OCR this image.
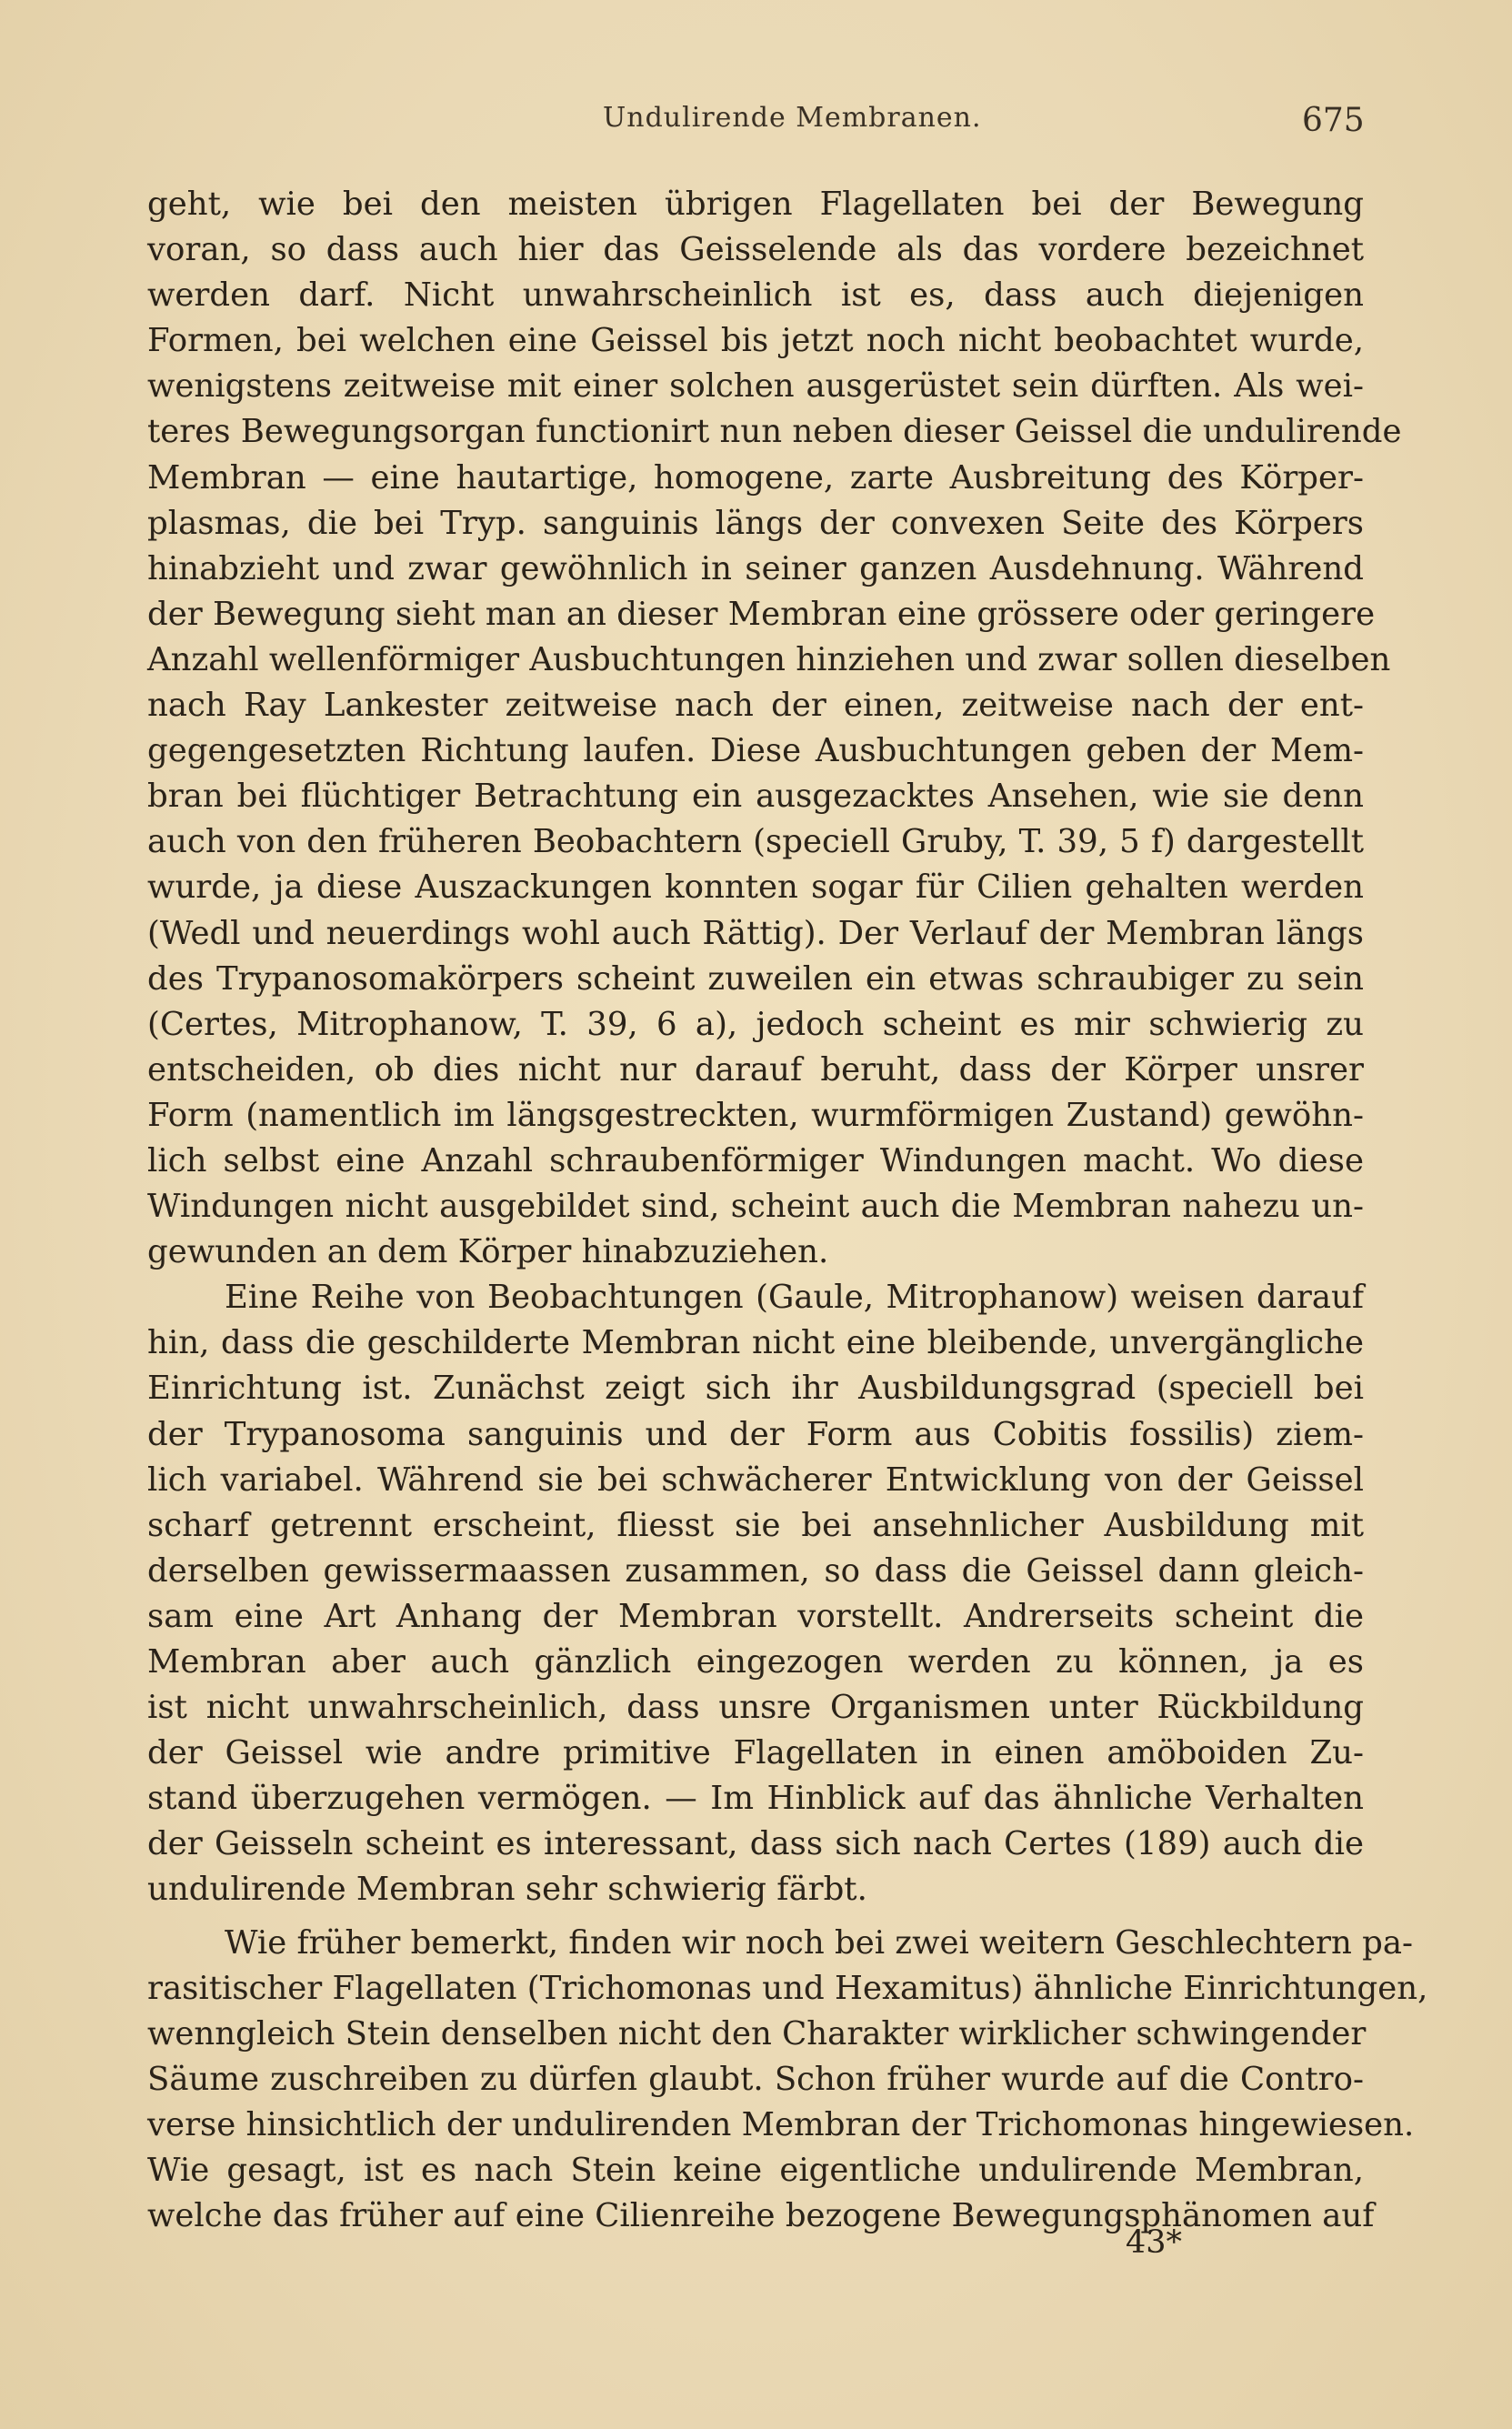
Undulirende Membranen.	675
geht, wie bei den meisten übrigen Flagellaten bei der Bewegung
voran, so dass auch hier das Geisselende als das vordere bezeichnet
werden darf. Nicht unwahrscheinlich ist es, dass auch diejenigen
Formen, bei welchen eine Geissel bis jetzt noch nicht beobachtet wurde,
wenigstens zeitweise mit einer solchen ausgerüstet sein dürften. Als wei-
teres Bewegungsorgan functionirt nun neben dieser Geissel die undulirende
Membran — eine hautartige, homogene, zarte Ausbreitung des Körper-
plasmas, die bei Tryp. sanguinis längs der convexen Seite des Körpers
hinabzieht und zwar gewöhnlich in seiner ganzen Ausdehnung. Während
der Bewegung sieht man an dieser Membran eine grössere oder geringere
Anzahl wellenförmiger Ausbuchtungen hinziehen und zwar sollen dieselben
nach Ray Lankester zeitweise nach der einen, zeitweise nach der ent-
gegengesetzten Richtung laufen. Diese Ausbuchtungen geben der Mem-
bran bei flüchtiger Betrachtung ein ausgezacktes Ansehen, wie sie denn
auch von den früheren Beobachtern (speciell Gruby, T. 39, 5 f) dargestellt
wurde, ja diese Auszackungen konnten sogar für Cilien gehalten werden
(Wedl und neuerdings wohl auch Rättig). Der Verlauf der Membran längs
des Trypanosomakörpers scheint zuweilen ein etwas schraubiger zu sein
(Certes, Mitrophanow, T. 39, 6 a), jedoch scheint es mir schwierig zu
entscheiden, ob dies nicht nur darauf beruht, dass der Körper unsrer
Form (namentlich im längsgestreckten, wurmförmigen Zustand) gewöhn-
lich selbst eine Anzahl schraubenförmiger Windungen macht. Wo diese
Windungen nicht ausgebildet sind, scheint auch die Membran nahezu un-
gewunden an dem Körper hinabzuziehen.
Eine Reihe von Beobachtungen (Gaule, Mitrophanow) weisen darauf
hin, dass die geschilderte Membran nicht eine bleibende, unvergängliche
Einrichtung ist. Zunächst zeigt sich ihr Ausbildungsgrad (speciell bei
der Trypanosoma sanguinis und der Form aus Cobitis fossilis) ziem-
lich variabel. Während sie bei schwächerer Entwicklung von der Geissel
scharf getrennt erscheint, fliesst sie bei ansehnlicher Ausbildung mit
derselben gewissermaassen zusammen, so dass die Geissel dann gleich-
sam eine Art Anhang der Membran vorstellt. Andrerseits scheint die
Membran aber auch gänzlich eingezogen werden zu können, ja es
ist nicht unwahrscheinlich, dass unsre Organismen unter Rückbildung
der Geissel wie andre primitive Flagellaten in einen amöboiden Zu-
stand überzugehen vermögen. — Im Hinblick auf das ähnliche Verhalten
der Geisseln scheint es interessant, dass sich nach Certes (189) auch die
undulirende Membran sehr schwierig färbt.
Wie früher bemerkt, finden wir noch bei zwei weitern Geschlechtern pa-
rasitischer Flagellaten (Trichomonas und Hexamitus) ähnliche Einrichtungen,
wenngleich Stein denselben nicht den Charakter wirklicher schwingender
Säume zuschreiben zu dürfen glaubt. Schon früher wurde auf die Contro-
verse hinsichtlich der undulirenden Membran der Trichomonas hingewiesen.
Wie gesagt, ist es nach Stein keine eigentliche undulirende Membran,
welche das früher auf eine Cilienreihe bezogene Bewegungsphänomen auf
43*
